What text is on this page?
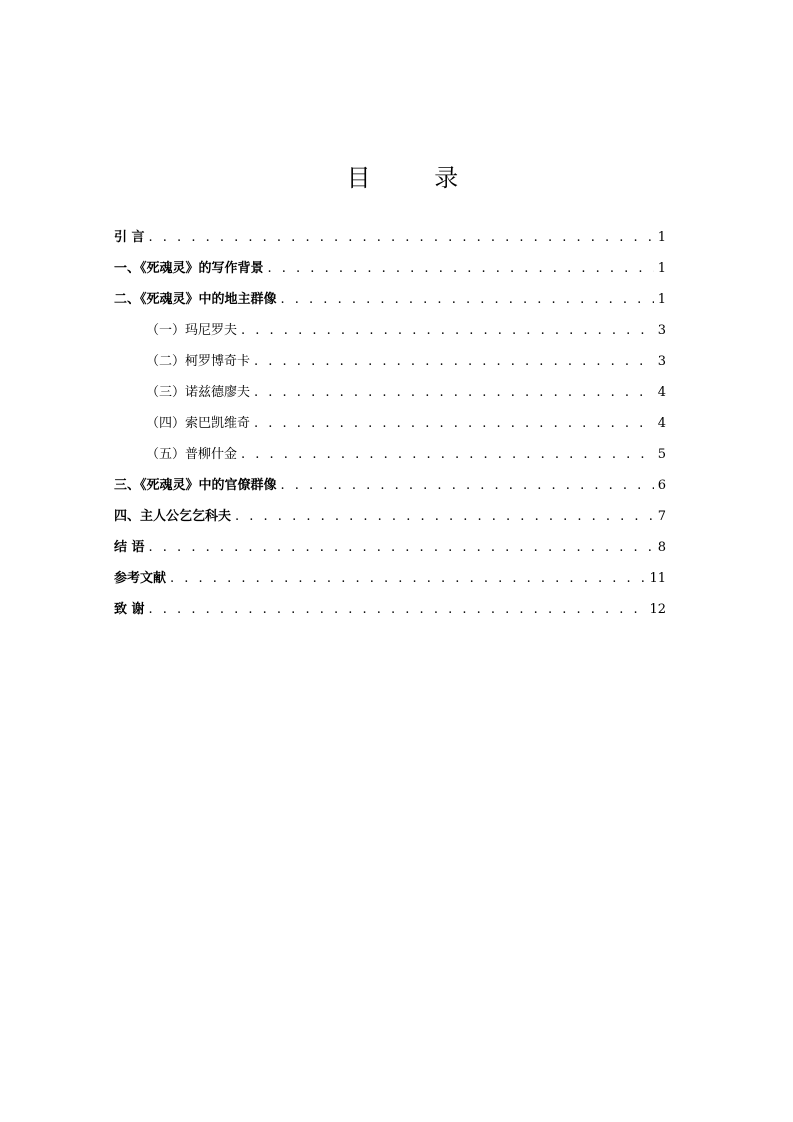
目 录
引 言 . . .	1
一、《死魂灵》的写作背景 . . .	1
二、《死魂灵》中的地主群像 . . .	1
（一）玛尼罗夫 . . .	3
（二）柯罗博奇卡 . . .	3
（三）诺兹德廖夫 . . .	4
（四）索巴凯维奇 . . .	4
（五）普柳什金 . . .	5
三、《死魂灵》中的官僚群像 . . .	6
四、主人公乞乞科夫 . . .	7
结 语 . . .	8
参考文献 . . .	11
致 谢 . . .	12
